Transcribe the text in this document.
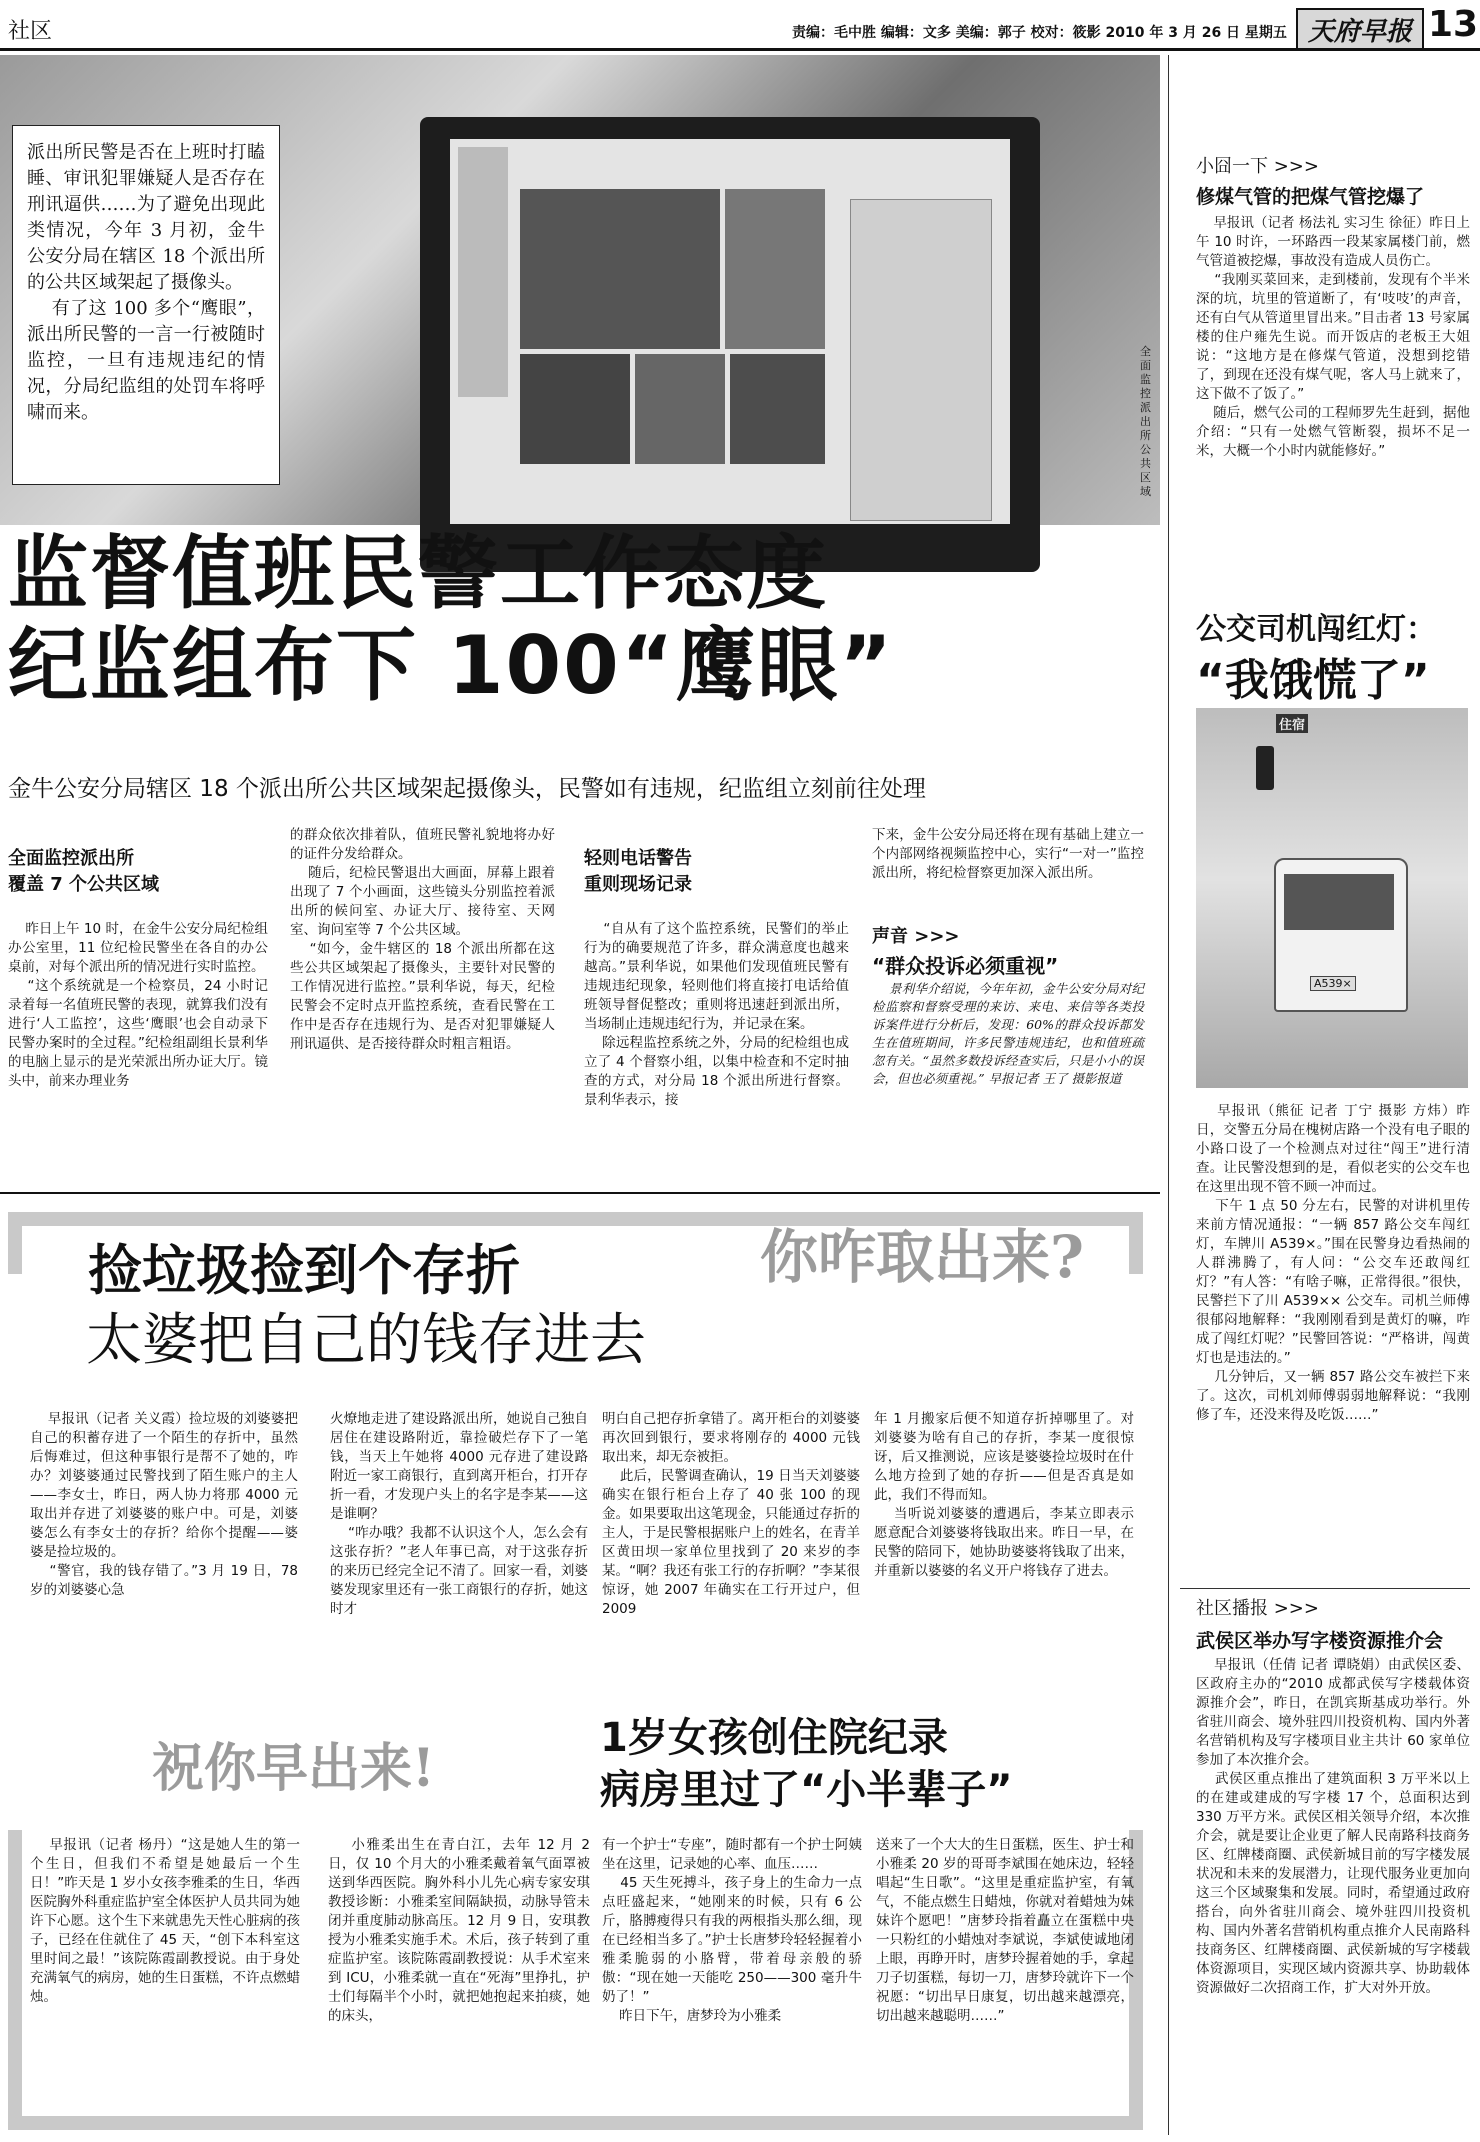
社区	责编：毛中胜 编辑：文多 美编：郭子 校对：筱影 2010 年 3 月 26 日 星期五 天府早报 13
派出所民警是否在上班时打瞌睡、审讯犯罪嫌疑人是否存在刑讯逼供……为了避免出现此类情况，今年 3 月初，金牛公安分局在辖区 18 个派出所的公共区域架起了摄像头。
有了这 100 多个“鹰眼”，派出所民警的一言一行被随时监控，一旦有违规违纪的情况，分局纪监组的处罚车将呼啸而来。
全面监控派出所公共区域
监督值班民警工作态度
纪监组布下 100“鹰眼”
金牛公安分局辖区 18 个派出所公共区域架起摄像头，民警如有违规，纪监组立刻前往处理
全面监控派出所
覆盖 7 个公共区域
昨日上午 10 时，在金牛公安分局纪检组办公室里，11 位纪检民警坐在各自的办公桌前，对每个派出所的情况进行实时监控。
“这个系统就是一个检察员，24 小时记录着每一名值班民警的表现，就算我们没有进行‘人工监控’，这些‘鹰眼’也会自动录下民警办案时的全过程。”纪检组副组长景利华的电脑上显示的是光荣派出所办证大厅。镜头中，前来办理业务
的群众依次排着队，值班民警礼貌地将办好的证件分发给群众。
随后，纪检民警退出大画面，屏幕上跟着出现了 7 个小画面，这些镜头分别监控着派出所的候问室、办证大厅、接待室、天网室、询问室等 7 个公共区域。
“如今，金牛辖区的 18 个派出所都在这些公共区域架起了摄像头，主要针对民警的工作情况进行监控。”景利华说，每天，纪检民警会不定时点开监控系统，查看民警在工作中是否存在违规行为、是否对犯罪嫌疑人刑讯逼供、是否接待群众时粗言粗语。
轻则电话警告
重则现场记录
“自从有了这个监控系统，民警们的举止行为的确要规范了许多，群众满意度也越来越高。”景利华说，如果他们发现值班民警有违规违纪现象，轻则他们将直接打电话给值班领导督促整改；重则将迅速赶到派出所，当场制止违规违纪行为，并记录在案。
除远程监控系统之外，分局的纪检组也成立了 4 个督察小组，以集中检查和不定时抽查的方式，对分局 18 个派出所进行督察。景利华表示，接
下来，金牛公安分局还将在现有基础上建立一个内部网络视频监控中心，实行“一对一”监控派出所，将纪检督察更加深入派出所。
声音 >>>
“群众投诉必须重视”
景利华介绍说，今年年初，金牛公安分局对纪检监察和督察受理的来访、来电、来信等各类投诉案件进行分析后，发现：60%的群众投诉都发生在值班期间，许多民警违规违纪，也和值班疏忽有关。“虽然多数投诉经查实后，只是小小的误会，但也必须重视。” 早报记者 王了 摄影报道
捡垃圾捡到个存折	你咋取出来?
太婆把自己的钱存进去
早报讯（记者 关义霞）捡垃圾的刘婆婆把自己的积蓄存进了一个陌生的存折中，虽然后悔难过，但这种事银行是帮不了她的，咋办？刘婆婆通过民警找到了陌生账户的主人——李女士，昨日，两人协力将那 4000 元取出并存进了刘婆婆的账户中。可是，刘婆婆怎么有李女士的存折？给你个提醒——婆婆是捡垃圾的。
“警官，我的钱存错了。”3 月 19 日，78 岁的刘婆婆心急
火燎地走进了建设路派出所，她说自己独自居住在建设路附近，靠捡破烂存下了一笔钱，当天上午她将 4000 元存进了建设路附近一家工商银行，直到离开柜台，打开存折一看，才发现户头上的名字是李某——这是谁啊？
“咋办哦？我都不认识这个人，怎么会有这张存折？”老人年事已高，对于这张存折的来历已经完全记不清了。回家一看，刘婆婆发现家里还有一张工商银行的存折，她这时才
明白自己把存折拿错了。离开柜台的刘婆婆再次回到银行，要求将刚存的 4000 元钱取出来，却无奈被拒。
此后，民警调查确认，19 日当天刘婆婆确实在银行柜台上存了 40 张 100 的现金。如果要取出这笔现金，只能通过存折的主人，于是民警根据账户上的姓名，在青羊区黄田坝一家单位里找到了 20 来岁的李某。“啊？我还有张工行的存折啊？”李某很惊讶，她 2007 年确实在工行开过户，但 2009
年 1 月搬家后便不知道存折掉哪里了。对刘婆婆为啥有自己的存折，李某一度很惊讶，后又推测说，应该是婆婆捡垃圾时在什么地方捡到了她的存折——但是否真是如此，我们不得而知。
当听说刘婆婆的遭遇后，李某立即表示愿意配合刘婆婆将钱取出来。昨日一早，在民警的陪同下，她协助婆婆将钱取了出来，并重新以婆婆的名义开户将钱存了进去。
祝你早出来!	1岁女孩创住院纪录
病房里过了“小半辈子”
早报讯（记者 杨丹）“这是她人生的第一个生日，但我们不希望是她最后一个生日！”昨天是 1 岁小女孩李雅柔的生日，华西医院胸外科重症监护室全体医护人员共同为她许下心愿。这个生下来就患先天性心脏病的孩子，已经在住就住了 45 天，“创下本科室这里时间之最！”该院陈霞副教授说。由于身处充满氧气的病房，她的生日蛋糕，不许点燃蜡烛。
小雅柔出生在青白江，去年 12 月 2 日，仅 10 个月大的小雅柔戴着氧气面罩被送到华西医院。胸外科小儿先心病专家安琪教授诊断：小雅柔室间隔缺损，动脉导管未闭并重度肺动脉高压。12 月 9 日，安琪教授为小雅柔实施手术。术后，孩子转到了重症监护室。该院陈霞副教授说：从手术室来到 ICU，小雅柔就一直在“死海”里挣扎，护士们每隔半个小时，就把她抱起来拍痰，她的床头，
有一个护士“专座”，随时都有一个护士阿姨坐在这里，记录她的心率、血压……
45 天生死搏斗，孩子身上的生命力一点点旺盛起来，“她刚来的时候，只有 6 公斤，胳膊瘦得只有我的两根指头那么细，现在已经相当多了。”护士长唐梦玲轻轻握着小雅柔脆弱的小胳臂，带着母亲般的骄傲：“现在她一天能吃 250——300 毫升牛奶了！”
昨日下午，唐梦玲为小雅柔
送来了一个大大的生日蛋糕，医生、护士和小雅柔 20 岁的哥哥李斌围在她床边，轻轻唱起“生日歌”。“这里是重症监护室，有氧气，不能点燃生日蜡烛，你就对着蜡烛为妹妹许个愿吧！”唐梦玲指着矗立在蛋糕中央一只粉红的小蜡烛对李斌说，李斌使诚地闭上眼，再睁开时，唐梦玲握着她的手，拿起刀子切蛋糕，每切一刀，唐梦玲就许下一个祝愿：“切出早日康复，切出越来越漂亮，切出越来越聪明……”
小囧一下 >>>
修煤气管的把煤气管挖爆了
早报讯（记者 杨法礼 实习生 徐征）昨日上午 10 时许，一环路西一段某家属楼门前，燃气管道被挖爆，事故没有造成人员伤亡。
“我刚买菜回来，走到楼前，发现有个半米深的坑，坑里的管道断了，有‘吱吱’的声音，还有白气从管道里冒出来。”目击者 13 号家属楼的住户雍先生说。而开饭店的老板王大姐说：“这地方是在修煤气管道，没想到挖错了，到现在还没有煤气呢，客人马上就来了，这下做不了饭了。”
随后，燃气公司的工程师罗先生赶到，据他介绍：“只有一处燃气管断裂，损坏不足一米，大概一个小时内就能修好。”
公交司机闯红灯：
“我饿慌了”
住宿
A539×
早报讯（熊征 记者 丁宁 摄影 方炜）昨日，交警五分局在槐树店路一个没有电子眼的小路口设了一个检测点对过往“闯王”进行清查。让民警没想到的是，看似老实的公交车也在这里出现不管不顾一冲而过。
下午 1 点 50 分左右，民警的对讲机里传来前方情况通报：“一辆 857 路公交车闯红灯，车牌川 A539×。”围在民警身边看热闹的人群沸腾了，有人问：“公交车还敢闯红灯？”有人答：“有啥子嘛，正常得很。”很快，民警拦下了川 A539×× 公交车。司机兰师傅很郁闷地解释：“我刚刚看到是黄灯的嘛，咋成了闯红灯呢？”民警回答说：“严格讲，闯黄灯也是违法的。”
几分钟后，又一辆 857 路公交车被拦下来了。这次，司机刘师傅弱弱地解释说：“我刚修了车，还没来得及吃饭……”
社区播报 >>>
武侯区举办写字楼资源推介会
早报讯（任倩 记者 谭晓娟）由武侯区委、区政府主办的“2010 成都武侯写字楼载体资源推介会”，昨日，在凯宾斯基成功举行。外省驻川商会、境外驻四川投资机构、国内外著名营销机构及写字楼项目业主共计 60 家单位参加了本次推介会。
武侯区重点推出了建筑面积 3 万平米以上的在建或建成的写字楼 17 个，总面积达到 330 万平方米。武侯区相关领导介绍，本次推介会，就是要让企业更了解人民南路科技商务区、红牌楼商圈、武侯新城目前的写字楼发展状况和未来的发展潜力，让现代服务业更加向这三个区域聚集和发展。同时，希望通过政府搭台，向外省驻川商会、境外驻四川投资机构、国内外著名营销机构重点推介人民南路科技商务区、红牌楼商圈、武侯新城的写字楼载体资源项目，实现区域内资源共享、协助载体资源做好二次招商工作，扩大对外开放。
